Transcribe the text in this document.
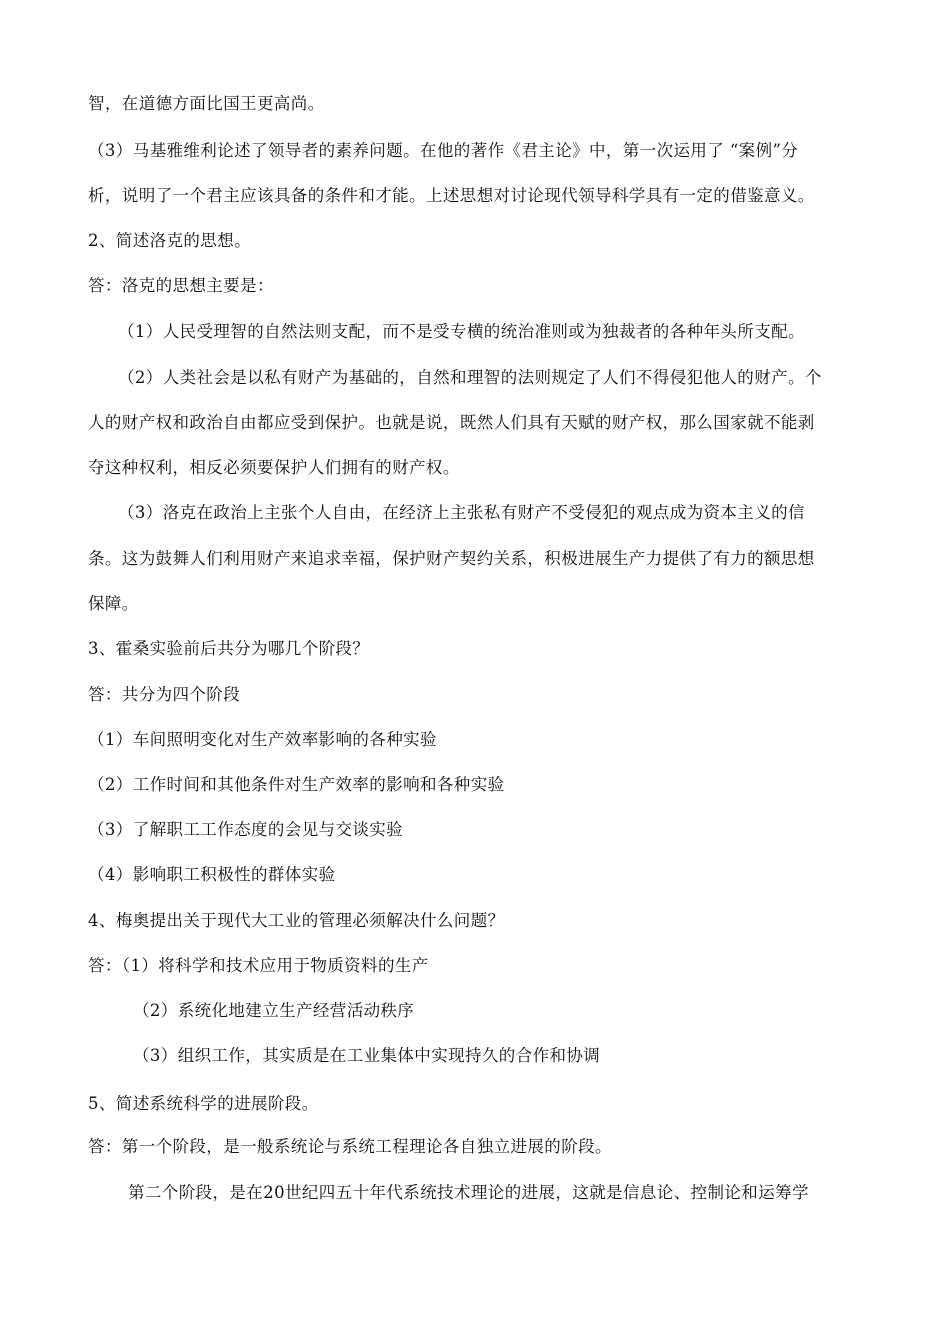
智，在道德方面比国王更高尚。
（3）马基雅维利论述了领导者的素养问题。在他的著作《君主论》中，第一次运用了 “案例”分
析，说明了一个君主应该具备的条件和才能。上述思想对讨论现代领导科学具有一定的借鉴意义。
2、简述洛克的思想。
答：洛克的思想主要是：
（1）人民受理智的自然法则支配，而不是受专横的统治准则或为独裁者的各种年头所支配。
（2）人类社会是以私有财产为基础的，自然和理智的法则规定了人们不得侵犯他人的财产。个
人的财产权和政治自由都应受到保护。也就是说，既然人们具有天赋的财产权，那么国家就不能剥
夺这种权利，相反必须要保护人们拥有的财产权。
（3）洛克在政治上主张个人自由，在经济上主张私有财产不受侵犯的观点成为资本主义的信
条。这为鼓舞人们利用财产来追求幸福，保护财产契约关系，积极进展生产力提供了有力的额思想
保障。
3、霍桑实验前后共分为哪几个阶段？
答：共分为四个阶段
（1）车间照明变化对生产效率影响的各种实验
（2）工作时间和其他条件对生产效率的影响和各种实验
（3）了解职工工作态度的会见与交谈实验
（4）影响职工积极性的群体实验
4、梅奥提出关于现代大工业的管理必须解决什么问题？
答：（1）将科学和技术应用于物质资料的生产
（2）系统化地建立生产经营活动秩序
（3）组织工作，其实质是在工业集体中实现持久的合作和协调
5、简述系统科学的进展阶段。
答：第一个阶段，是一般系统论与系统工程理论各自独立进展的阶段。
第二个阶段，是在20世纪四五十年代系统技术理论的进展，这就是信息论、控制论和运筹学
